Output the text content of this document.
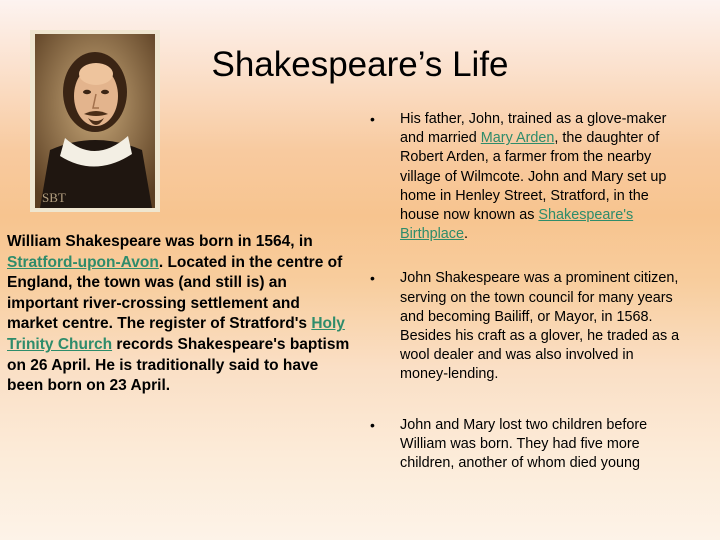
SBT
Shakespeare’s Life
William Shakespeare was born in 1564, in Stratford-upon-Avon. Located in the centre of England, the town was (and still is) an important river-crossing settlement and market centre. The register of Stratford's Holy Trinity Church records Shakespeare's baptism on 26 April. He is traditionally said to have been born on 23 April.
• His father, John, trained as a glove-maker and married Mary Arden, the daughter of Robert Arden, a farmer from the nearby village of Wilmcote. John and Mary set up home in Henley Street, Stratford, in the house now known as Shakespeare's Birthplace.
• John Shakespeare was a prominent citizen, serving on the town council for many years and becoming Bailiff, or Mayor, in 1568. Besides his craft as a glover, he traded as a wool dealer and was also involved in money-lending.
• John and Mary lost two children before William was born. They had five more children, another of whom died young
